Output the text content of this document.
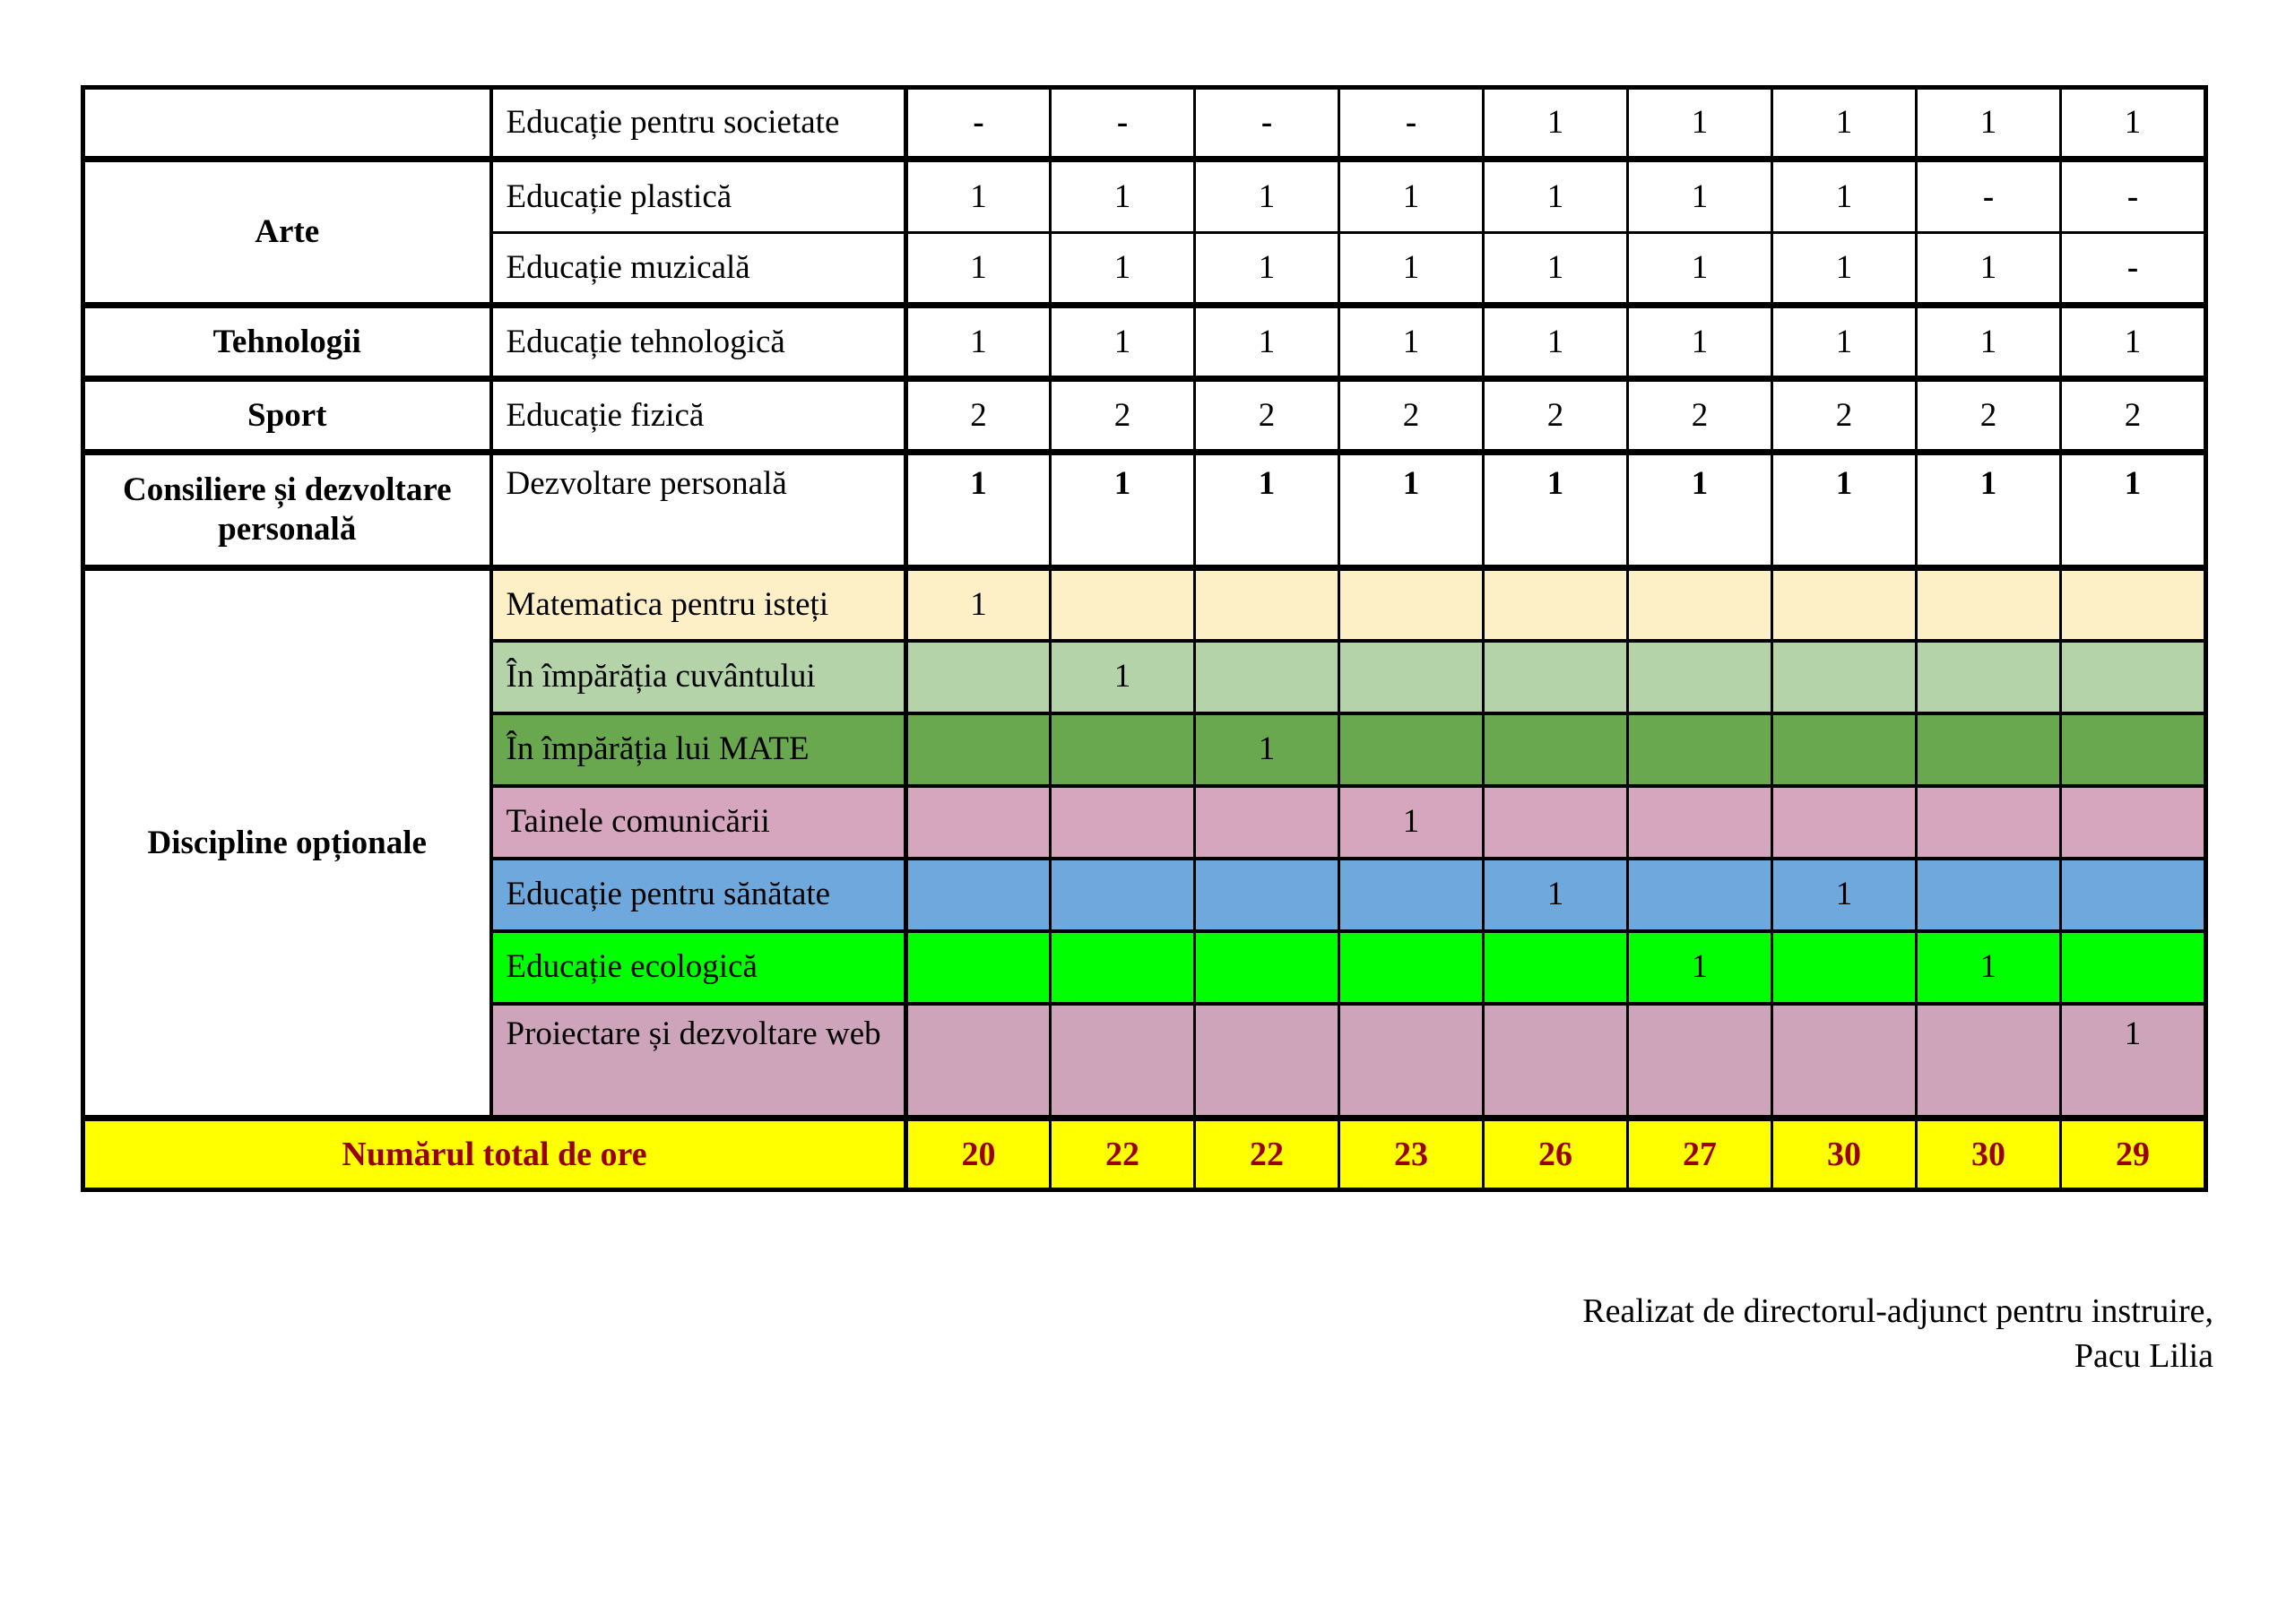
	Educație pentru societate	-	-	-	-	1	1	1	1	1
Arte	Educație plastică	1	1	1	1	1	1	1	-	-
	Educație muzicală	1	1	1	1	1	1	1	1	-
Tehnologii	Educație tehnologică	1	1	1	1	1	1	1	1	1
Sport	Educație fizică	2	2	2	2	2	2	2	2	2
Consiliere și dezvoltare personală	Dezvoltare personală	1	1	1	1	1	1	1	1	1
Discipline opționale	Matematica pentru isteți	1								
	În împărăția cuvântului		1							
	În împărăția lui MATE			1						
	Tainele comunicării				1					
	Educație pentru sănătate					1		1		
	Educație ecologică						1		1	
	Proiectare și dezvoltare web									1
Numărul total de ore		20	22	22	23	26	27	30	30	29
Realizat de directorul-adjunct pentru instruire,
Pacu Lilia
